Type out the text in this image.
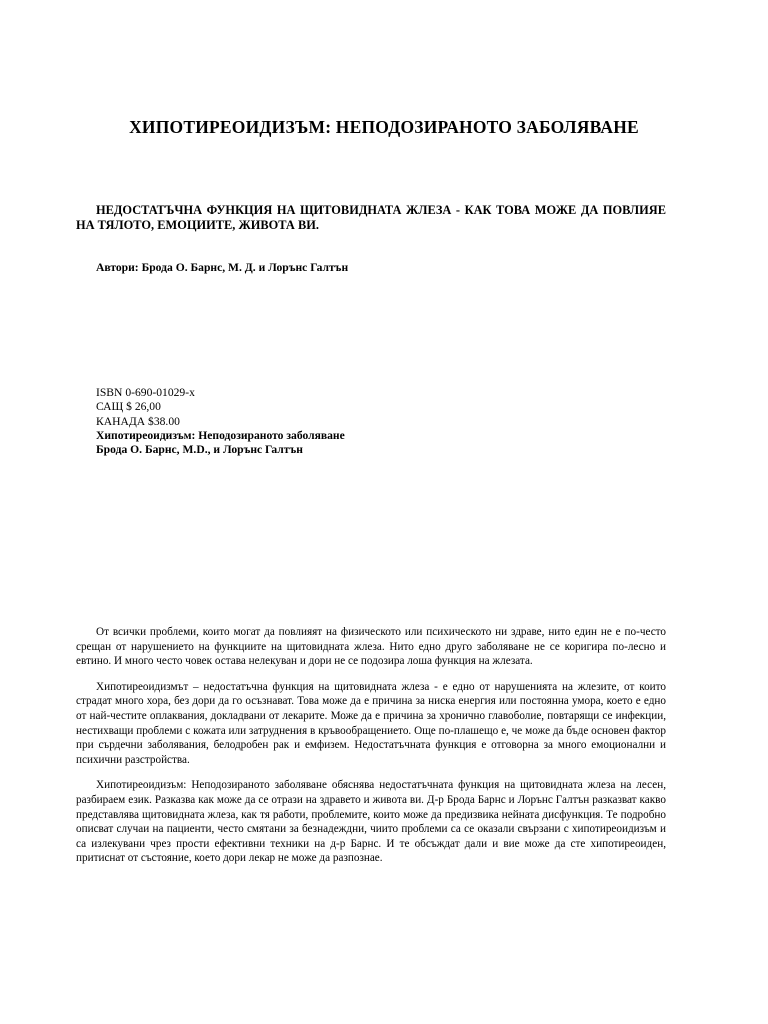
ХИПОТИРЕОИДИЗЪМ: НЕПОДОЗИРАНОТО ЗАБОЛЯВАНЕ
НЕДОСТАТЪЧНА ФУНКЦИЯ НА ЩИТОВИДНАТА ЖЛЕЗА - КАК ТОВА МОЖЕ ДА ПОВЛИЯЕ НА ТЯЛОТО, ЕМОЦИИТЕ, ЖИВОТА ВИ.
Автори: Брода О. Барнс, М. Д. и Лорънс Галтън
ISBN 0-690-01029-x
САЩ $ 26,00
КАНАДА $38.00
Хипотиреоидизъм: Неподозираното заболяване
Брода О. Барнс, M.D., и Лорънс Галтън

От всички проблеми, които могат да повлияят на физическото или психическото ни здраве, нито един не е по-често срещан от нарушението на функциите на щитовидната жлеза. Нито едно друго заболяване не се коригира по-лесно и евтино. И много често човек остава нелекуван и дори не се подозира лоша функция на жлезата.

Хипотиреоидизмът – недостатъчна функция на щитовидната жлеза - е едно от нарушенията на жлезите, от които страдат много хора, без дори да го осъзнават. Това може да е причина за ниска енергия или постоянна умора, което е едно от най-честите оплаквания, докладвани от лекарите. Може да е причина за хронично главоболие, повтарящи се инфекции, нестихващи проблеми с кожата или затруднения в кръвообращението. Още по-плашещо е, че може да бъде основен фактор при сърдечни заболявания, белодробен рак и емфизем. Недостатъчната функция е отговорна за много емоционални и психични разстройства.

Хипотиреоидизъм: Неподозираното заболяване обяснява недостатъчната функция на щитовидната жлеза на лесен, разбираем език. Разказва как може да се отрази на здравето и живота ви. Д-р Брода Барнс и Лорънс Галтън разказват какво представлява щитовидната жлеза, как тя работи, проблемите, които може да предизвика нейната дисфункция. Те подробно описват случаи на пациенти, често смятани за безнадеждни, чиито проблеми са се оказали свързани с хипотиреоидизъм и са излекувани чрез прости ефективни техники на д-р Барнс. И те обсъждат дали и вие може да сте хипотиреоиден, притиснат от състояние, което дори лекар не може да разпознае.
